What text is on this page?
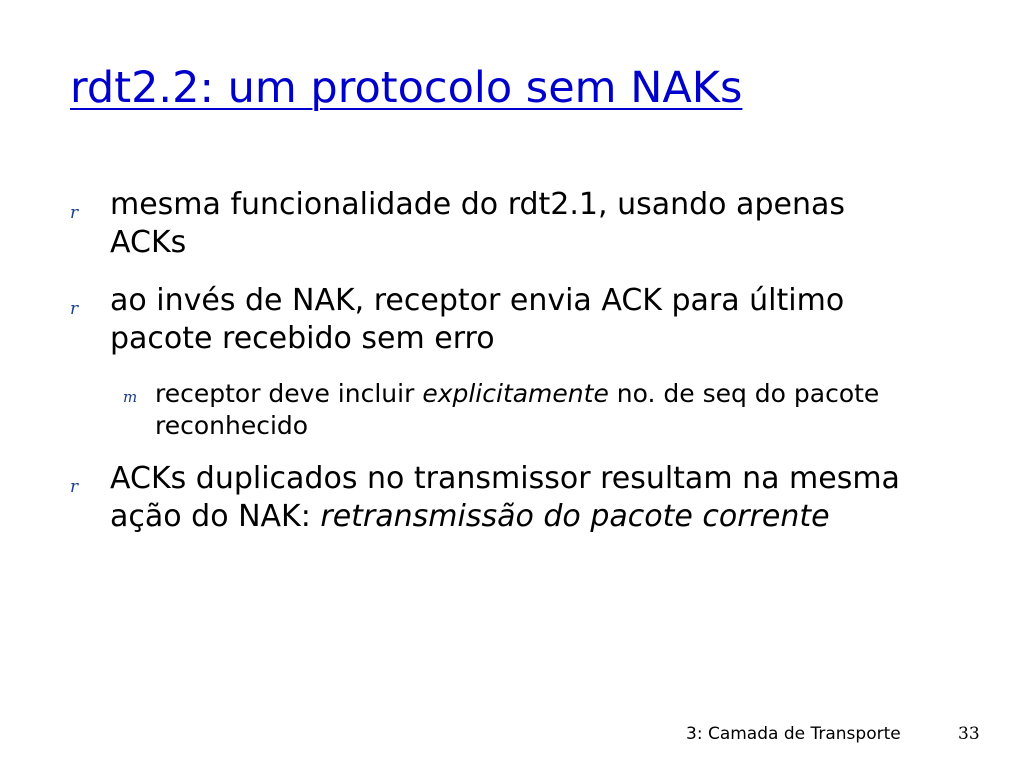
rdt2.2: um protocolo sem NAKs
r mesma funcionalidade do rdt2.1, usando apenas ACKs
r ao invés de NAK, receptor envia ACK para último pacote recebido sem erro
m receptor deve incluir explicitamente no. de seq do pacote reconhecido
r ACKs duplicados no transmissor resultam na mesma ação do NAK: retransmissão do pacote corrente
3: Camada de Transporte	33
